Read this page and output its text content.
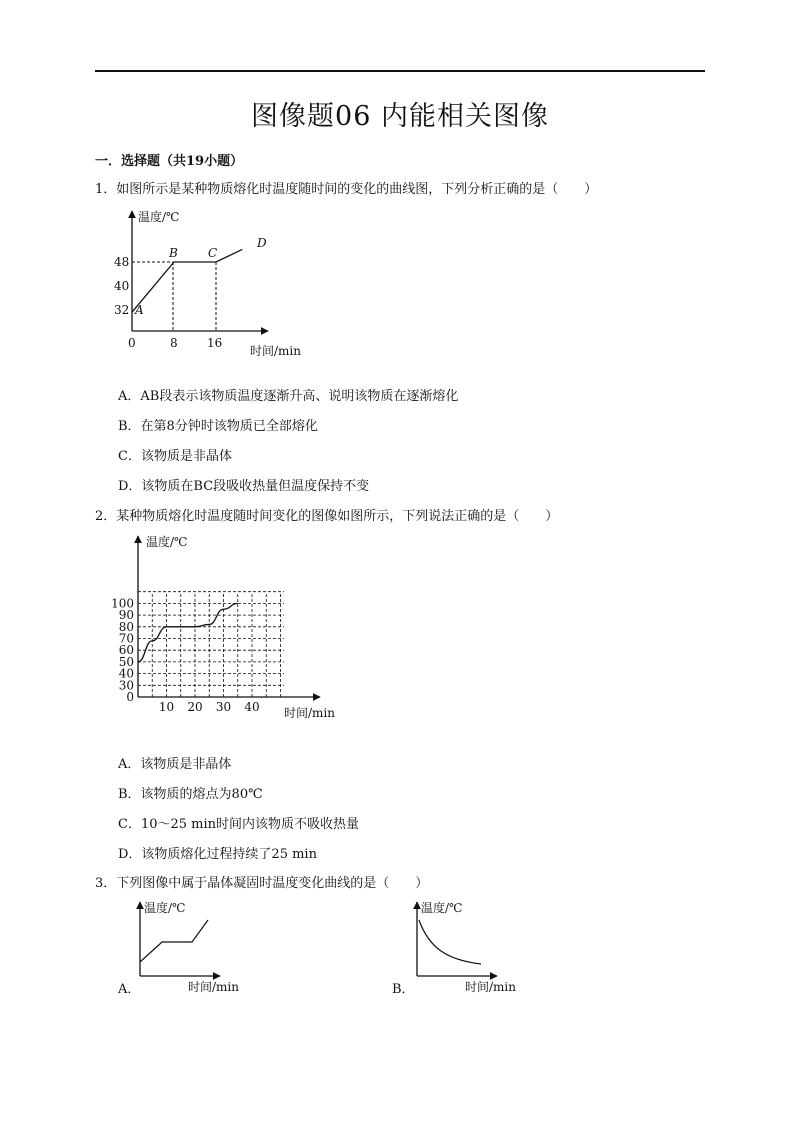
图像题06 内能相关图像
一．选择题（共19小题）
1．如图所示是某种物质熔化时温度随时间的变化的曲线图，下列分析正确的是（　　）
温度/℃
时间/min
48
40
32
0	8 16
A
B	C
D
A．AB段表示该物质温度逐渐升高、说明该物质在逐渐熔化
B．在第8分钟时该物质已全部熔化
C．该物质是非晶体
D．该物质在BC段吸收热量但温度保持不变
2．某种物质熔化时温度随时间变化的图像如图所示，下列说法正确的是（　　）
温度/℃
时间/min
100
90
80
70
60
50
40
30
0
10 20 30 40
A．该物质是非晶体
B．该物质的熔点为80℃
C．10～25 min时间内该物质不吸收热量
D．该物质熔化过程持续了25 min
3．下列图像中属于晶体凝固时温度变化曲线的是（　　）
温度/℃
时间/min
A．
温度/℃
时间/min
B．
